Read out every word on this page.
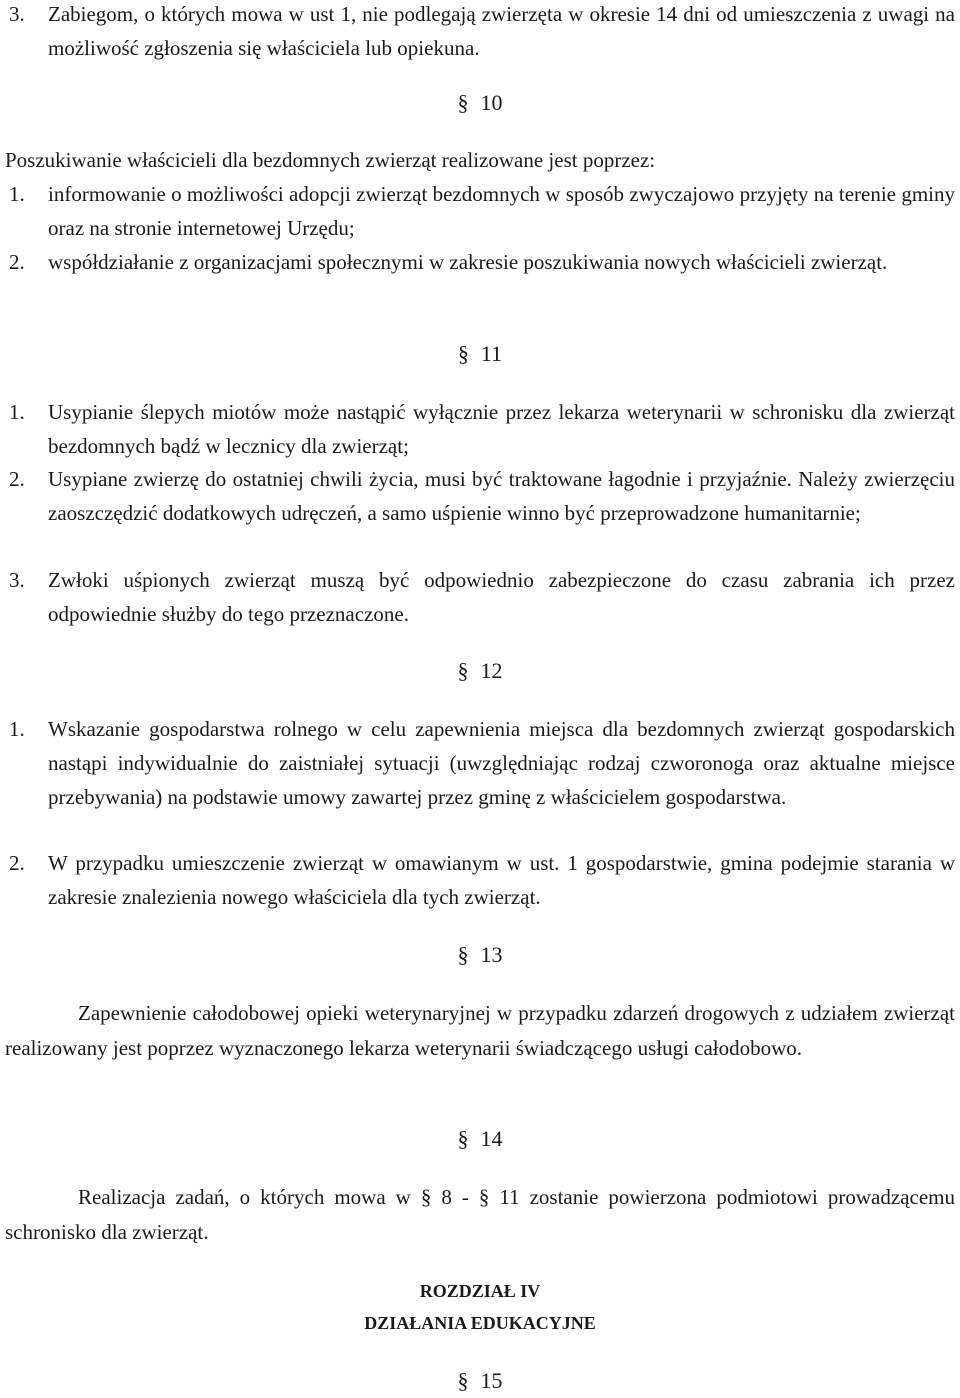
3. Zabiegom, o których mowa w ust 1, nie podlegają zwierzęta w okresie 14 dni od umieszczenia z uwagi na możliwość zgłoszenia się właściciela lub opiekuna.
§ 10
Poszukiwanie właścicieli dla bezdomnych zwierząt realizowane jest poprzez:
1. informowanie o możliwości adopcji zwierząt bezdomnych w sposób zwyczajowo przyjęty na terenie gminy oraz na stronie internetowej Urzędu;
2. współdziałanie z organizacjami społecznymi w zakresie poszukiwania nowych właścicieli zwierząt.
§ 11
1. Usypianie ślepych miotów może nastąpić wyłącznie przez lekarza weterynarii w schronisku dla zwierząt bezdomnych bądź w lecznicy dla zwierząt;
2. Usypiane zwierzę do ostatniej chwili życia, musi być traktowane łagodnie i przyjaźnie. Należy zwierzęciu zaoszczędzić dodatkowych udręczeń, a samo uśpienie winno być przeprowadzone humanitarnie;
3. Zwłoki uśpionych zwierząt muszą być odpowiednio zabezpieczone do czasu zabrania ich przez odpowiednie służby do tego przeznaczone.
§ 12
1. Wskazanie gospodarstwa rolnego w celu zapewnienia miejsca dla bezdomnych zwierząt gospodarskich nastąpi indywidualnie do zaistniałej sytuacji (uwzględniając rodzaj czworonoga oraz aktualne miejsce przebywania) na podstawie umowy zawartej przez gminę z właścicielem gospodarstwa.
2. W przypadku umieszczenie zwierząt w omawianym w ust. 1 gospodarstwie, gmina podejmie starania w zakresie znalezienia nowego właściciela dla tych zwierząt.
§ 13
Zapewnienie całodobowej opieki weterynaryjnej w przypadku zdarzeń drogowych z udziałem zwierząt realizowany jest poprzez wyznaczonego lekarza weterynarii świadczącego usługi całodobowo.
§ 14
Realizacja zadań, o których mowa w § 8 - § 11 zostanie powierzona podmiotowi prowadzącemu schronisko dla zwierząt.
ROZDZIAŁ IV
DZIAŁANIA EDUKACYJNE
§ 15
